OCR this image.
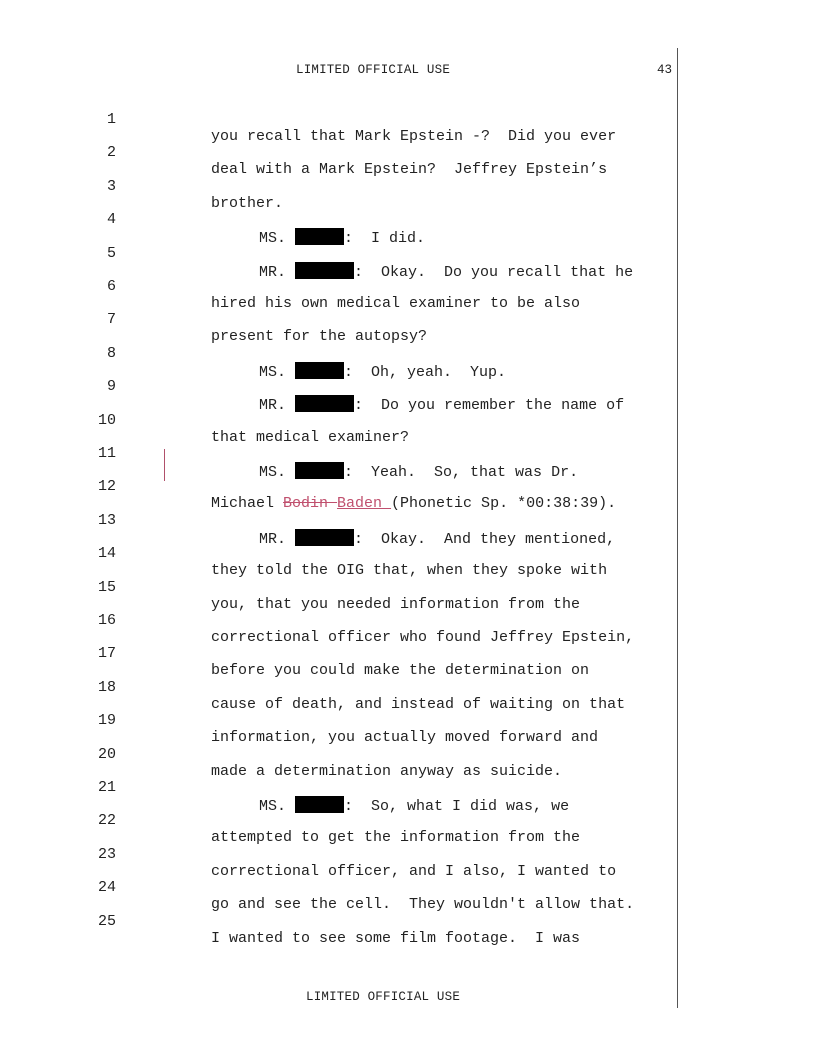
LIMITED OFFICIAL USE	43

1

you recall that Mark Epstein -?  Did you ever

2

deal with a Mark Epstein?  Jeffrey Epstein’s

3

brother.

4

MS.	:  I did.

5

MR.	:  Okay.  Do you recall that he

6

hired his own medical examiner to be also

7

present for the autopsy?

8

MS.	:  Oh, yeah.  Yup.

9

MR.	:  Do you remember the name of

10

that medical examiner?

11

MS.	:  Yeah.  So, that was Dr.

12

Michael Bodin Baden (Phonetic Sp. *00:38:39).

13

MR.	:  Okay.  And they mentioned,

14

they told the OIG that, when they spoke with

15

you, that you needed information from the

16

correctional officer who found Jeffrey Epstein,

17

before you could make the determination on

18

cause of death, and instead of waiting on that

19

information, you actually moved forward and

20

made a determination anyway as suicide.

21

MS.	:  So, what I did was, we

22

attempted to get the information from the

23

correctional officer, and I also, I wanted to

24

go and see the cell.  They wouldn't allow that.

25

I wanted to see some film footage.  I was

LIMITED OFFICIAL USE
